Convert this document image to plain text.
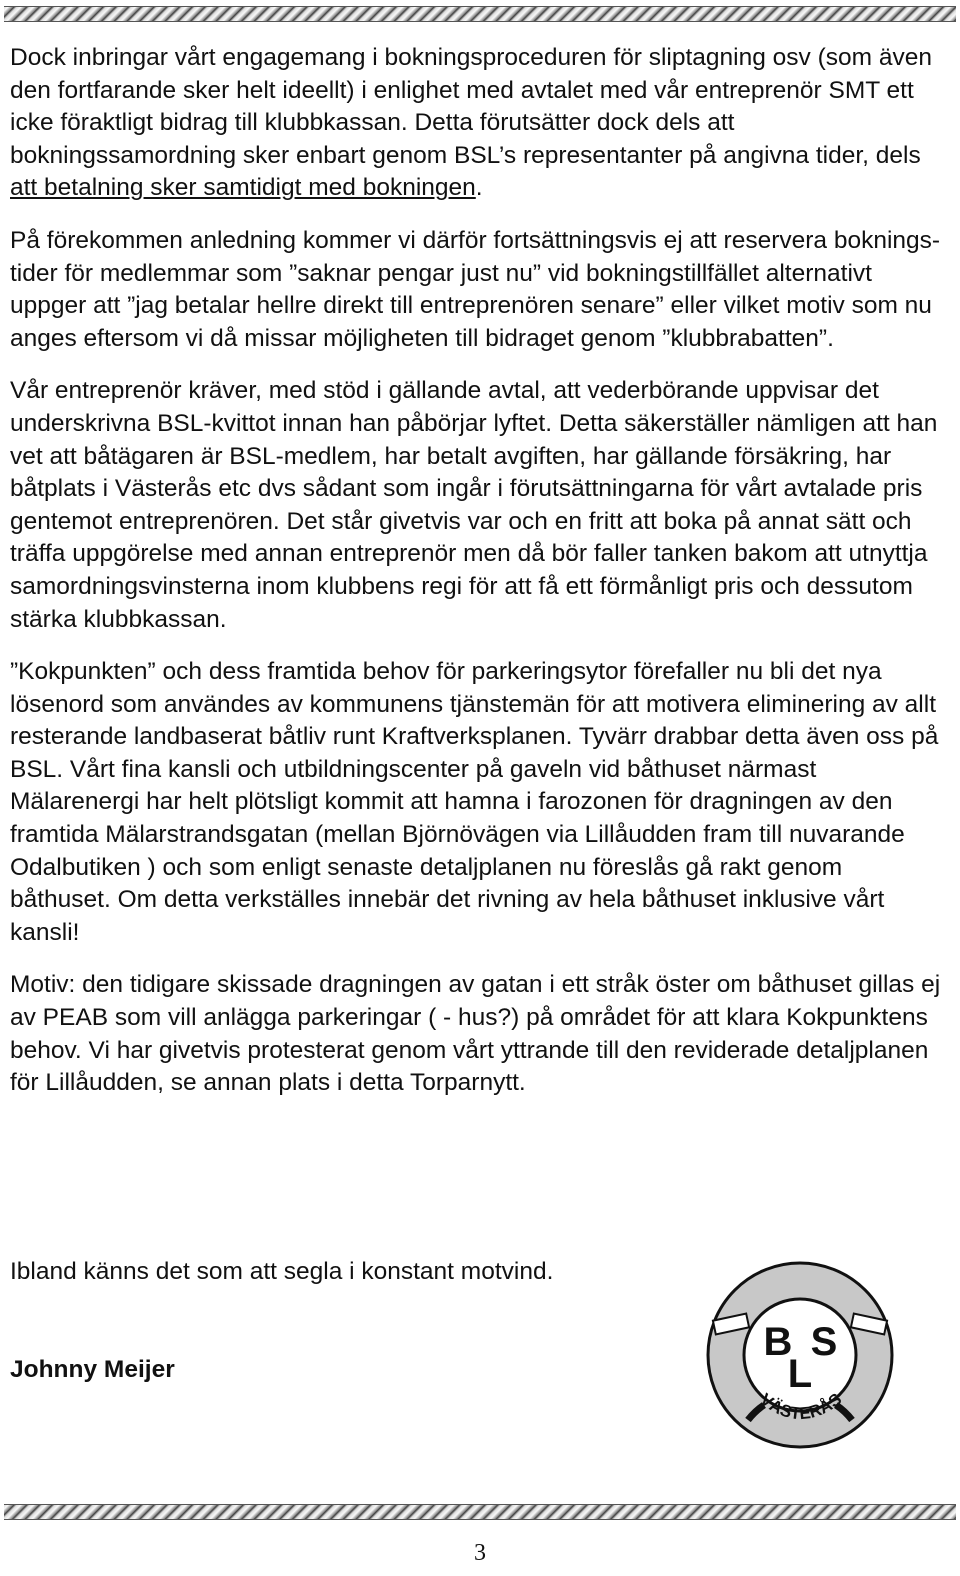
Dock inbringar vårt engagemang i bokningsproceduren för sliptagning osv (som även den fortfarande sker helt ideellt) i enlighet med avtalet med vår entreprenör SMT ett icke föraktligt bidrag till klubbkassan. Detta förutsätter dock dels att bokningssamordning sker enbart genom BSL’s representanter på angivna tider, dels att betalning sker samtidigt med bokningen.

På förekommen anledning kommer vi därför fortsättningsvis ej att reservera boknings-tider för medlemmar som ”saknar pengar just nu” vid bokningstillfället alternativt uppger att ”jag betalar hellre direkt till entreprenören senare” eller vilket motiv som nu anges eftersom vi då missar möjligheten till bidraget genom ”klubbrabatten”.

Vår entreprenör kräver, med stöd i gällande avtal, att vederbörande uppvisar det underskrivna BSL-kvittot innan han påbörjar lyftet. Detta säkerställer nämligen att han vet att båtägaren är BSL-medlem, har betalt avgiften, har gällande försäkring, har båtplats i Västerås etc dvs sådant som ingår i förutsättningarna för vårt avtalade pris gentemot entreprenören. Det står givetvis var och en fritt att boka på annat sätt och träffa uppgörelse med annan entreprenör men då bör faller tanken bakom att utnyttja samordningsvinsterna inom klubbens regi för att få ett förmånligt pris och dessutom stärka klubbkassan.

”Kokpunkten” och dess framtida behov för parkeringsytor förefaller nu bli det nya lösenord som användes av kommunens tjänstemän för att motivera eliminering av allt resterande landbaserat båtliv runt Kraftverksplanen. Tyvärr drabbar detta även oss på BSL. Vårt fina kansli och utbildningscenter på gaveln vid båthuset närmast Mälarenergi har helt plötsligt kommit att hamna i farozonen för dragningen av den framtida Mälarstrandsgatan (mellan Björnövägen via Lillåudden fram till nuvarande Odalbutiken ) och som enligt senaste detaljplanen nu föreslås gå rakt genom båthuset. Om detta verkställes innebär det rivning av hela båthuset inklusive vårt kansli!

Motiv: den tidigare skissade dragningen av gatan i ett stråk öster om båthuset gillas ej av PEAB som vill anlägga parkeringar ( - hus?) på området för att klara Kokpunktens behov. Vi har givetvis protesterat genom vårt yttrande till den reviderade detaljplanen för Lillåudden, se annan plats i detta Torparnytt.

Ibland känns det som att segla i konstant motvind.
Johnny Meijer
B
L
S
VÄSTERÅS
3
